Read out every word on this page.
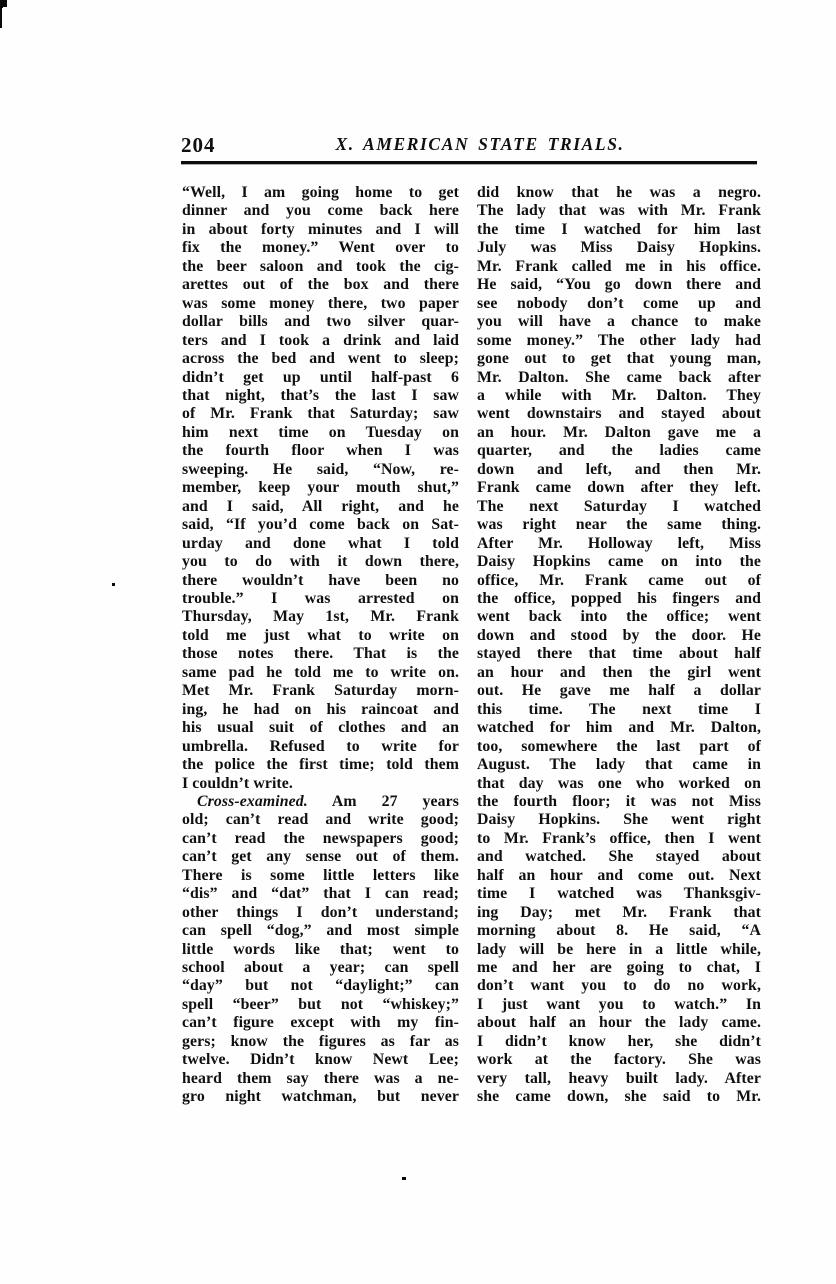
204	X. AMERICAN STATE TRIALS.
“Well, I am going home to get
dinner and you come back here
in about forty minutes and I will
fix the money.” Went over to
the beer saloon and took the cig-
arettes out of the box and there
was some money there, two paper
dollar bills and two silver quar-
ters and I took a drink and laid
across the bed and went to sleep;
didn’t get up until half-past 6
that night, that’s the last I saw
of Mr. Frank that Saturday; saw
him next time on Tuesday on
the fourth floor when I was
sweeping. He said, “Now, re-
member, keep your mouth shut,”
and I said, All right, and he
said, “If you’d come back on Sat-
urday and done what I told
you to do with it down there,
there wouldn’t have been no
trouble.” I was arrested on
Thursday, May 1st, Mr. Frank
told me just what to write on
those notes there. That is the
same pad he told me to write on.
Met Mr. Frank Saturday morn-
ing, he had on his raincoat and
his usual suit of clothes and an
umbrella. Refused to write for
the police the first time; told them
I couldn’t write.
Cross-examined. Am 27 years
old; can’t read and write good;
can’t read the newspapers good;
can’t get any sense out of them.
There is some little letters like
“dis” and “dat” that I can read;
other things I don’t understand;
can spell “dog,” and most simple
little words like that; went to
school about a year; can spell
“day” but not “daylight;” can
spell “beer” but not “whiskey;”
can’t figure except with my fin-
gers; know the figures as far as
twelve. Didn’t know Newt Lee;
heard them say there was a ne-
gro night watchman, but never
did know that he was a negro.
The lady that was with Mr. Frank
the time I watched for him last
July was Miss Daisy Hopkins.
Mr. Frank called me in his office.
He said, “You go down there and
see nobody don’t come up and
you will have a chance to make
some money.” The other lady had
gone out to get that young man,
Mr. Dalton. She came back after
a while with Mr. Dalton. They
went downstairs and stayed about
an hour. Mr. Dalton gave me a
quarter, and the ladies came
down and left, and then Mr.
Frank came down after they left.
The next Saturday I watched
was right near the same thing.
After Mr. Holloway left, Miss
Daisy Hopkins came on into the
office, Mr. Frank came out of
the office, popped his fingers and
went back into the office; went
down and stood by the door. He
stayed there that time about half
an hour and then the girl went
out. He gave me half a dollar
this time. The next time I
watched for him and Mr. Dalton,
too, somewhere the last part of
August. The lady that came in
that day was one who worked on
the fourth floor; it was not Miss
Daisy Hopkins. She went right
to Mr. Frank’s office, then I went
and watched. She stayed about
half an hour and come out. Next
time I watched was Thanksgiv-
ing Day; met Mr. Frank that
morning about 8. He said, “A
lady will be here in a little while,
me and her are going to chat, I
don’t want you to do no work,
I just want you to watch.” In
about half an hour the lady came.
I didn’t know her, she didn’t
work at the factory. She was
very tall, heavy built lady. After
she came down, she said to Mr.
